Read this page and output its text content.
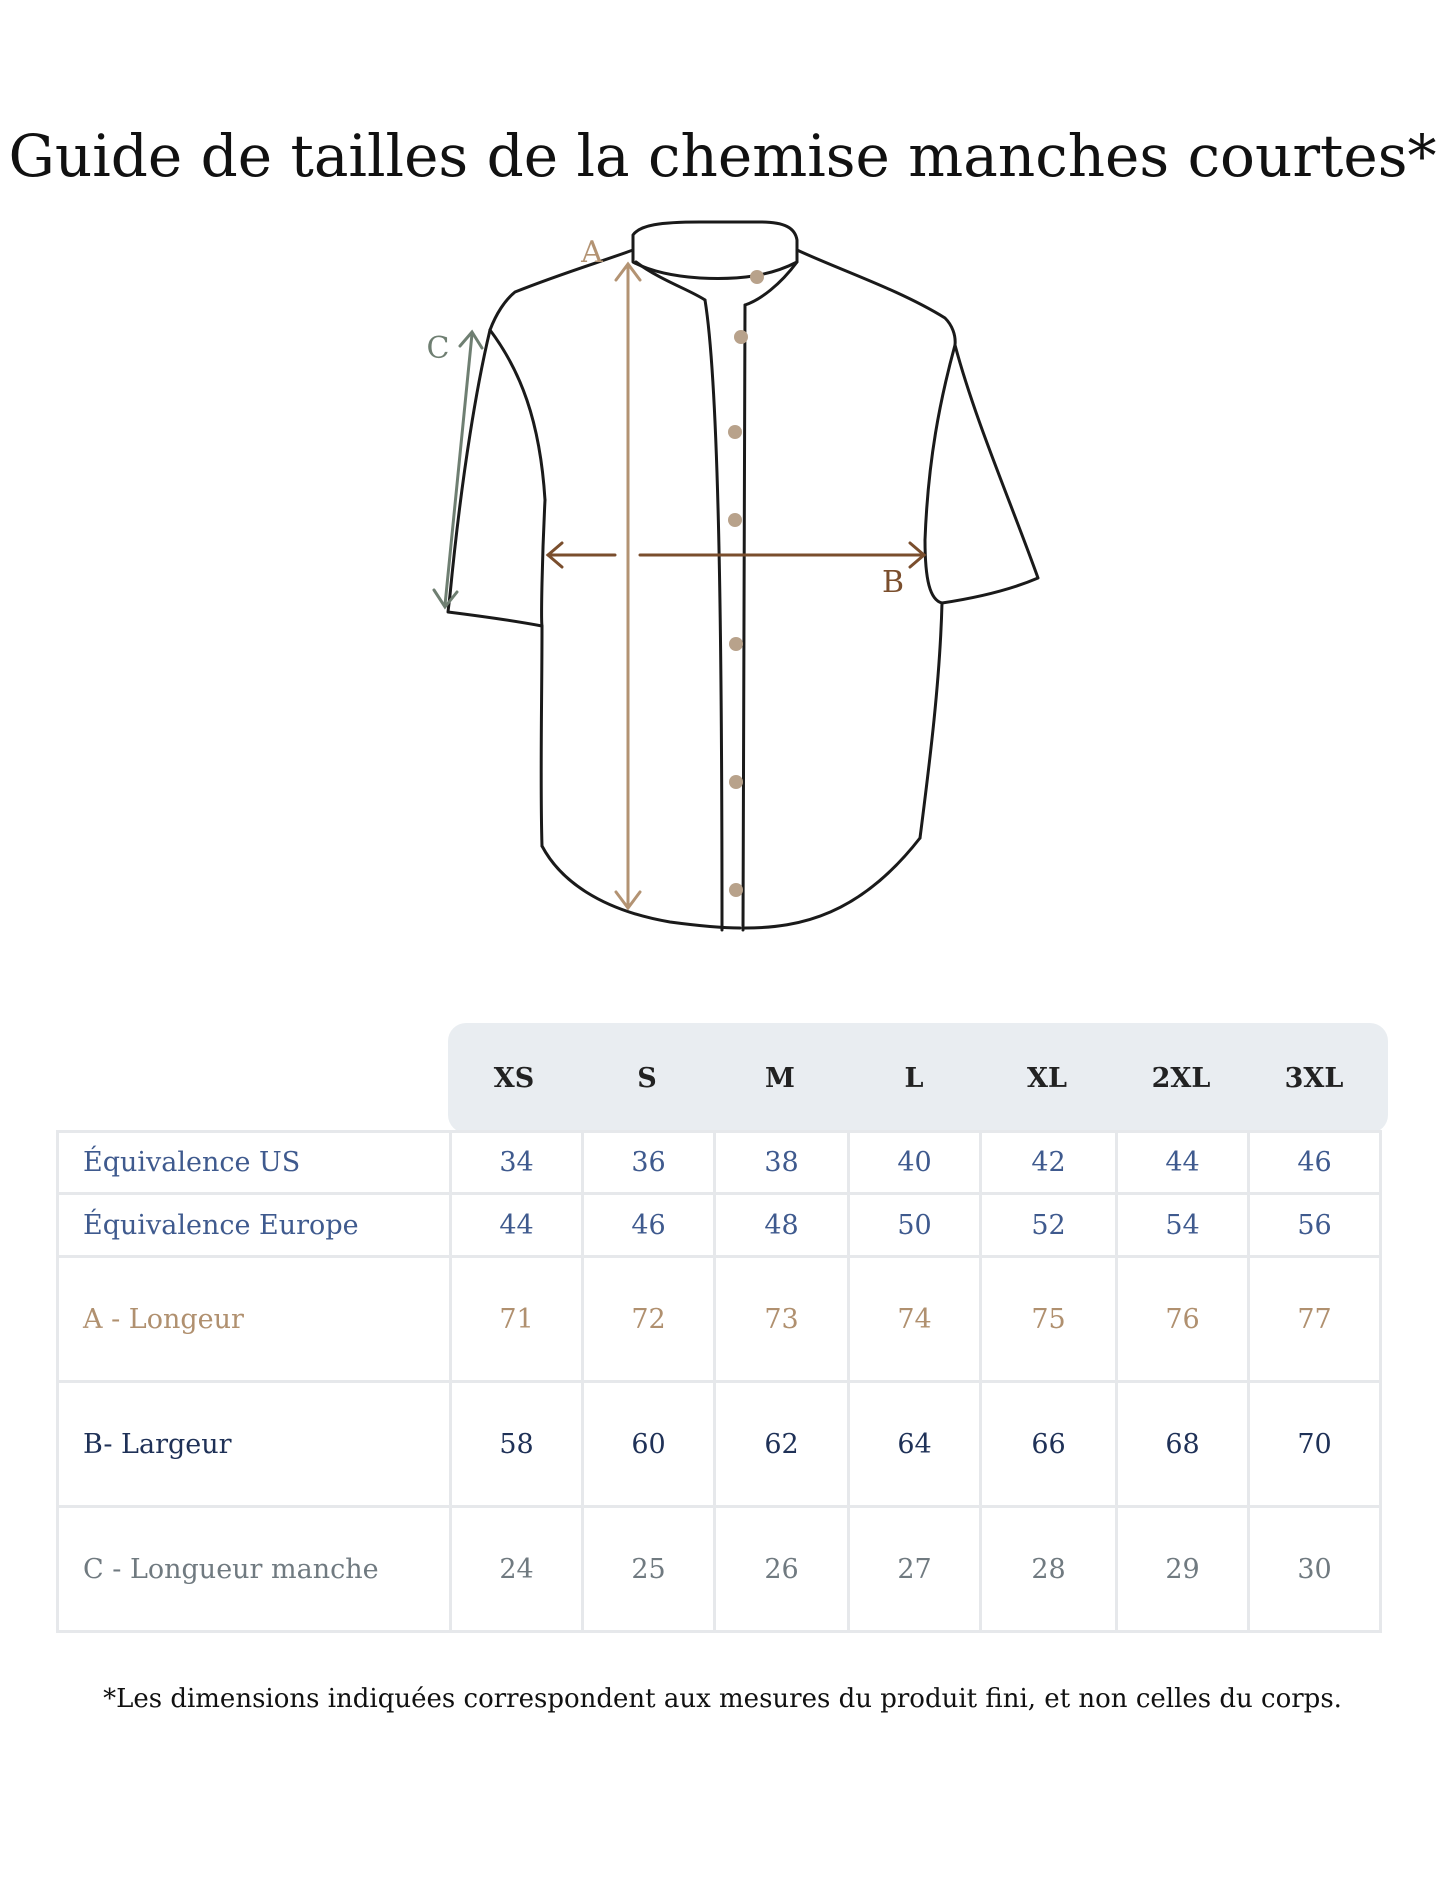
Guide de tailles de la chemise manches courtes*
A
B
C
XS	S	M	L	XL	2XL	3XL
Équivalence US	34	36	38	40	42	44	46
Équivalence Europe	44	46	48	50	52	54	56
A - Longeur	71	72	73	74	75	76	77
B- Largeur	58	60	62	64	66	68	70
C - Longueur manche	24	25	26	27	28	29	30
*Les dimensions indiquées correspondent aux mesures du produit fini, et non celles du corps.
